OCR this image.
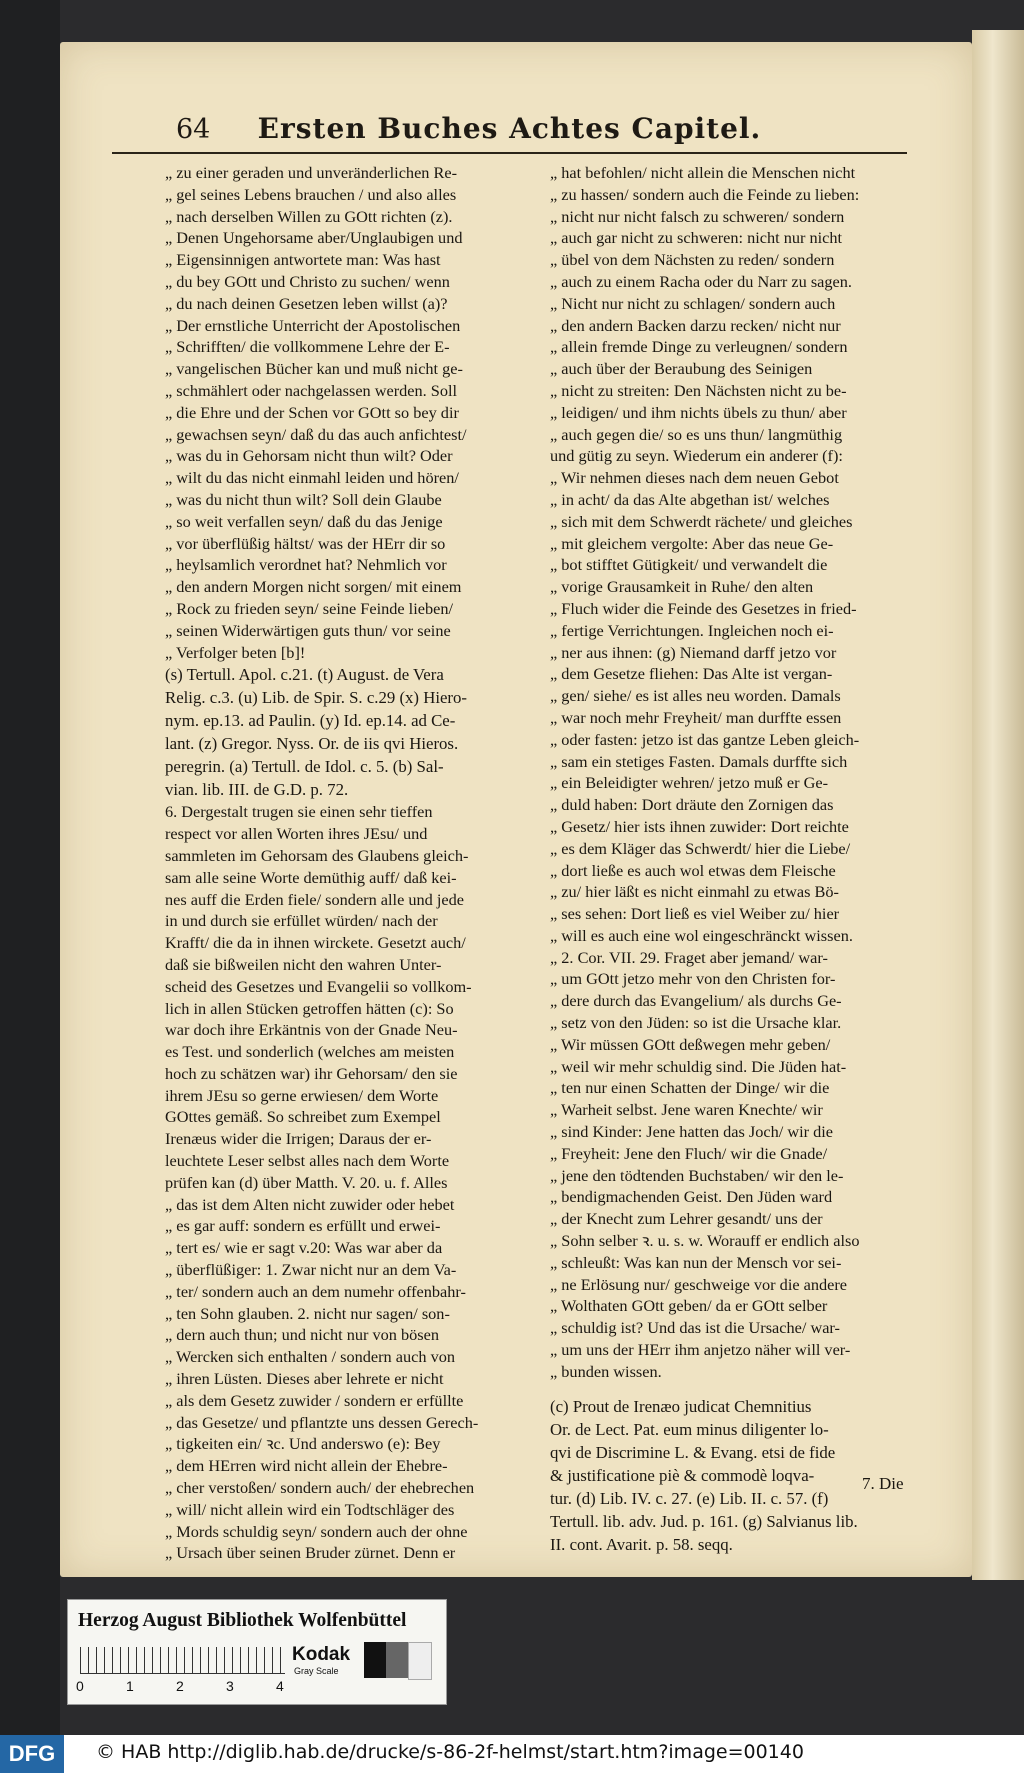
64	Ersten Buches Achtes Capitel.
„ zu einer geraden und unveränderlichen Re-
„ gel seines Lebens brauchen / und also alles
„ nach derselben Willen zu GOtt richten (z).
„ Denen Ungehorsame aber/Unglaubigen und
„ Eigensinnigen antwortete man: Was hast
„ du bey GOtt und Christo zu suchen/ wenn
„ du nach deinen Gesetzen leben willst (a)?
„ Der ernstliche Unterricht der Apostolischen
„ Schrifften/ die vollkommene Lehre der E-
„ vangelischen Bücher kan und muß nicht ge-
„ schmählert oder nachgelassen werden. Soll
„ die Ehre und der Schen vor GOtt so bey dir
„ gewachsen seyn/ daß du das auch anfichtest/
„ was du in Gehorsam nicht thun wilt? Oder
„ wilt du das nicht einmahl leiden und hören/
„ was du nicht thun wilt? Soll dein Glaube
„ so weit verfallen seyn/ daß du das Jenige
„ vor überflüßig hältst/ was der HErr dir so
„ heylsamlich verordnet hat? Nehmlich vor
„ den andern Morgen nicht sorgen/ mit einem
„ Rock zu frieden seyn/ seine Feinde lieben/
„ seinen Widerwärtigen guts thun/ vor seine
„ Verfolger beten [b]!
(s) Tertull. Apol. c.21. (t) August. de Vera
Relig. c.3. (u) Lib. de Spir. S. c.29 (x) Hiero-
nym. ep.13. ad Paulin. (y) Id. ep.14. ad Ce-
lant. (z) Gregor. Nyss. Or. de iis qvi Hieros.
peregrin. (a) Tertull. de Idol. c. 5. (b) Sal-
vian. lib. III. de G.D. p. 72.
6. Dergestalt trugen sie einen sehr tieffen
respect vor allen Worten ihres JEsu/ und
sammleten im Gehorsam des Glaubens gleich-
sam alle seine Worte demüthig auff/ daß kei-
nes auff die Erden fiele/ sondern alle und jede
in und durch sie erfüllet würden/ nach der
Krafft/ die da in ihnen wirckete. Gesetzt auch/
daß sie bißweilen nicht den wahren Unter-
scheid des Gesetzes und Evangelii so vollkom-
lich in allen Stücken getroffen hätten (c): So
war doch ihre Erkäntnis von der Gnade Neu-
es Test. und sonderlich (welches am meisten
hoch zu schätzen war) ihr Gehorsam/ den sie
ihrem JEsu so gerne erwiesen/ dem Worte
GOttes gemäß. So schreibet zum Exempel
Irenæus wider die Irrigen; Daraus der er-
leuchtete Leser selbst alles nach dem Worte
prüfen kan (d) über Matth. V. 20. u. f. Alles
„ das ist dem Alten nicht zuwider oder hebet
„ es gar auff: sondern es erfüllt und erwei-
„ tert es/ wie er sagt v.20: Was war aber da
„ überflüßiger: 1. Zwar nicht nur an dem Va-
„ ter/ sondern auch an dem numehr offenbahr-
„ ten Sohn glauben. 2. nicht nur sagen/ son-
„ dern auch thun; und nicht nur von bösen
„ Wercken sich enthalten / sondern auch von
„ ihren Lüsten. Dieses aber lehrete er nicht
„ als dem Gesetz zuwider / sondern er erfüllte
„ das Gesetze/ und pflantzte uns dessen Gerech-
„ tigkeiten ein/ ꝛc. Und anderswo (e): Bey
„ dem HErren wird nicht allein der Ehebre-
„ cher verstoßen/ sondern auch/ der ehebrechen
„ will/ nicht allein wird ein Todtschläger des
„ Mords schuldig seyn/ sondern auch der ohne
„ Ursach über seinen Bruder zürnet. Denn er
„ hat befohlen/ nicht allein die Menschen nicht
„ zu hassen/ sondern auch die Feinde zu lieben:
„ nicht nur nicht falsch zu schweren/ sondern
„ auch gar nicht zu schweren: nicht nur nicht
„ übel von dem Nächsten zu reden/ sondern
„ auch zu einem Racha oder du Narr zu sagen.
„ Nicht nur nicht zu schlagen/ sondern auch
„ den andern Backen darzu recken/ nicht nur
„ allein fremde Dinge zu verleugnen/ sondern
„ auch über der Beraubung des Seinigen
„ nicht zu streiten: Den Nächsten nicht zu be-
„ leidigen/ und ihm nichts übels zu thun/ aber
„ auch gegen die/ so es uns thun/ langmüthig
und gütig zu seyn. Wiederum ein anderer (f):
„ Wir nehmen dieses nach dem neuen Gebot
„ in acht/ da das Alte abgethan ist/ welches
„ sich mit dem Schwerdt rächete/ und gleiches
„ mit gleichem vergolte: Aber das neue Ge-
„ bot stifftet Gütigkeit/ und verwandelt die
„ vorige Grausamkeit in Ruhe/ den alten
„ Fluch wider die Feinde des Gesetzes in fried-
„ fertige Verrichtungen. Ingleichen noch ei-
„ ner aus ihnen: (g) Niemand darff jetzo vor
„ dem Gesetze fliehen: Das Alte ist vergan-
„ gen/ siehe/ es ist alles neu worden. Damals
„ war noch mehr Freyheit/ man durffte essen
„ oder fasten: jetzo ist das gantze Leben gleich-
„ sam ein stetiges Fasten. Damals durffte sich
„ ein Beleidigter wehren/ jetzo muß er Ge-
„ duld haben: Dort dräute den Zornigen das
„ Gesetz/ hier ists ihnen zuwider: Dort reichte
„ es dem Kläger das Schwerdt/ hier die Liebe/
„ dort ließe es auch wol etwas dem Fleische
„ zu/ hier läßt es nicht einmahl zu etwas Bö-
„ ses sehen: Dort ließ es viel Weiber zu/ hier
„ will es auch eine wol eingeschränckt wissen.
„ 2. Cor. VII. 29. Fraget aber jemand/ war-
„ um GOtt jetzo mehr von den Christen for-
„ dere durch das Evangelium/ als durchs Ge-
„ setz von den Jüden: so ist die Ursache klar.
„ Wir müssen GOtt deßwegen mehr geben/
„ weil wir mehr schuldig sind. Die Jüden hat-
„ ten nur einen Schatten der Dinge/ wir die
„ Warheit selbst. Jene waren Knechte/ wir
„ sind Kinder: Jene hatten das Joch/ wir die
„ Freyheit: Jene den Fluch/ wir die Gnade/
„ jene den tödtenden Buchstaben/ wir den le-
„ bendigmachenden Geist. Den Jüden ward
„ der Knecht zum Lehrer gesandt/ uns der
„ Sohn selber ꝛ. u. s. w. Worauff er endlich also
„ schleußt: Was kan nun der Mensch vor sei-
„ ne Erlösung nur/ geschweige vor die andere
„ Wolthaten GOtt geben/ da er GOtt selber
„ schuldig ist? Und das ist die Ursache/ war-
„ um uns der HErr ihm anjetzo näher will ver-
„ bunden wissen.
(c) Prout de Irenæo judicat Chemnitius
Or. de Lect. Pat. eum minus diligenter lo-
qvi de Discrimine L. & Evang. etsi de fide
& justificatione piè & commodè loqva-
tur. (d) Lib. IV. c. 27. (e) Lib. II. c. 57. (f)
Tertull. lib. adv. Jud. p. 161. (g) Salvianus lib.
II. cont. Avarit. p. 58. seqq.
7. Die
Herzog August Bibliothek Wolfenbüttel
0	1	2	3	4
Kodak
Gray Scale
DFG	© HAB http://diglib.hab.de/drucke/s-86-2f-helmst/start.htm?image=00140
